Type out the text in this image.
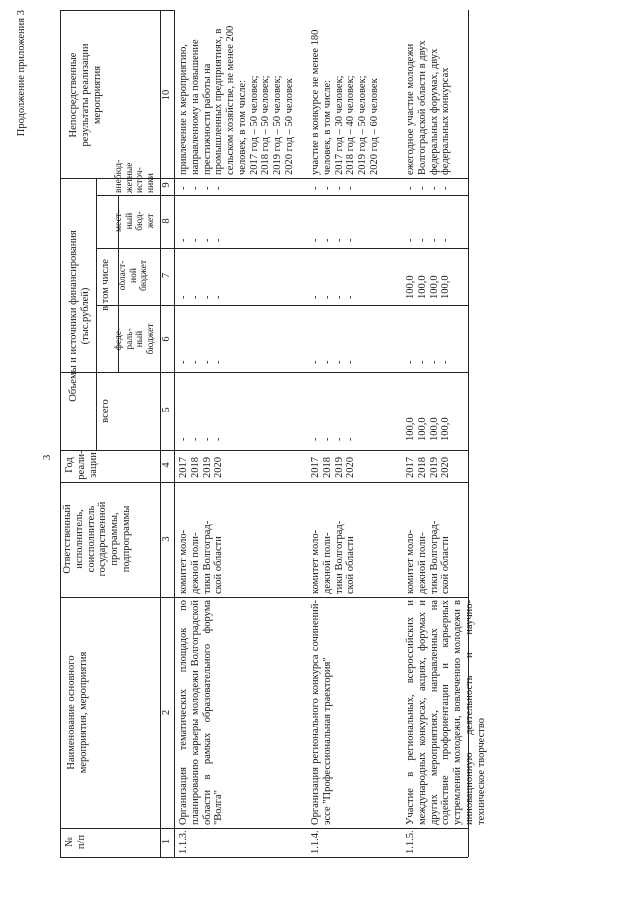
3
Продолжение приложения 3
№
п/п
Наименование основного
мероприятия, мероприятия
Ответственный
исполнитель,
соисполнитель
государственной
программы,
подпрограммы
Год
реали-
зации
Объемы и источники финансирования
(тыс.рублей)
всего
в том числе
феде-
раль-
ный
бюджет
област-
ной
бюджет
мест-
ный
бюд-
жет
внебюд-
жетные
источ-
ники
Непосредственные
результаты реализации
мероприятия
1
2
3
4
5
6
7
8
9
10
1.1.3.
Организация тематических площадок по планированию карьеры молодежи Волгоградской области в рамках образовательного форума "Волга"
комитет моло-
дежной поли-
тики Волгоград-
ской области
2017
2018
2019
2020
-
-
-
-
-
-
-
-
-
-
-
-
-
-
-
-
-
-
-
-
привлечение к мероприятию, направленному на повышение престижности работы на промышленных предприятиях, в сельском хозяйстве, не менее 200 человек, в том числе:
2017 год – 50 человек;
2018 год – 50 человек;
2019 год – 50 человек;
2020 год – 50 человек
1.1.4.
Организация регионального конкурса сочинений-эссе "Профессиональная траектория"
комитет моло-
дежной поли-
тики Волгоград-
ской области
2017
2018
2019
2020
-
-
-
-
-
-
-
-
-
-
-
-
-
-
-
-
-
-
-
-
участие в конкурсе не менее 180 человек, в том числе:
2017 год – 30 человек;
2018 год – 40 человек;
2019 год – 50 человек;
2020 год – 60 человек
1.1.5.
Участие в региональных, всероссийских и международных конкурсах, акциях, форумах и других мероприятиях, направленных на содействие профориентации и карьерных устремлений молодежи, вовлечению молодежи в инновационную деятельность и научно-техническое творчество
комитет моло-
дежной поли-
тики Волгоград-
ской области
2017
2018
2019
2020
100,0
100,0
100,0
100,0
-
-
-
-
100,0
100,0
100,0
100,0
-
-
-
-
-
-
-
-
ежегодное участие молодежи Волгоградской области в двух федеральных форумах, двух федеральных конкурсах
